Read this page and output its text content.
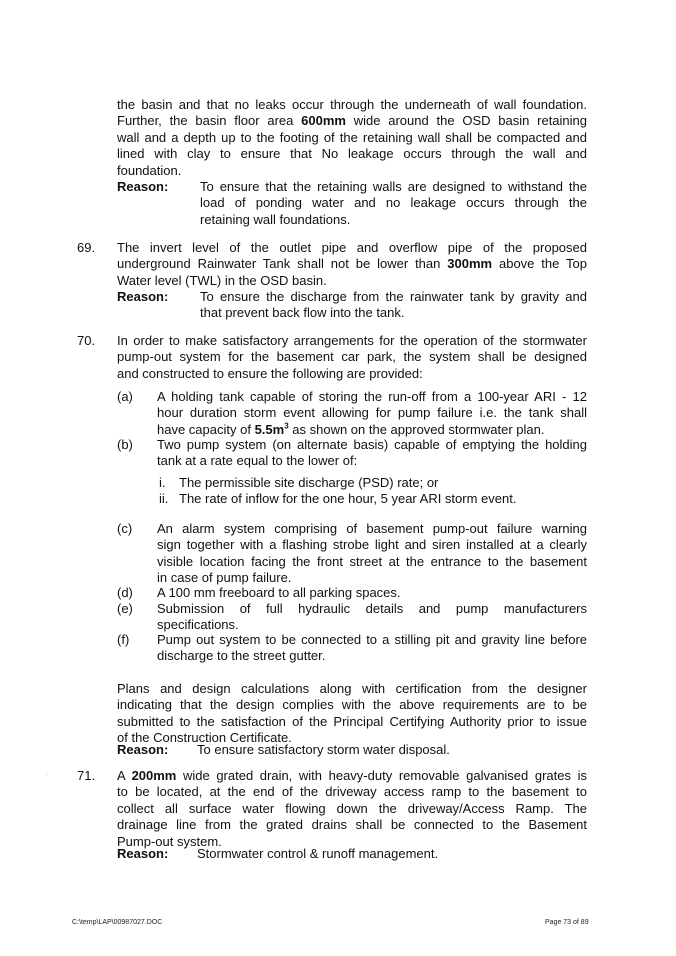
the basin and that no leaks occur through the underneath of wall foundation.
Further, the basin floor area 600mm wide around the OSD basin retaining
wall and a depth up to the footing of the retaining wall shall be compacted and
lined with clay to ensure that No leakage occurs through the wall and
foundation.
Reason: To ensure that the retaining walls are designed to withstand the
load of ponding water and no leakage occurs through the
retaining wall foundations.
69. The invert level of the outlet pipe and overflow pipe of the proposed
underground Rainwater Tank shall not be lower than 300mm above the Top
Water level (TWL) in the OSD basin.
Reason: To ensure the discharge from the rainwater tank by gravity and
that prevent back flow into the tank.
70. In order to make satisfactory arrangements for the operation of the stormwater
pump-out system for the basement car park, the system shall be designed
and constructed to ensure the following are provided:
(a) A holding tank capable of storing the run-off from a 100-year ARI - 12
hour duration storm event allowing for pump failure i.e. the tank shall
have capacity of $5.5m^3$ as shown on the approved stormwater plan.
(b) Two pump system (on alternate basis) capable of emptying the holding
tank at a rate equal to the lower of:
i. The permissible site discharge (PSD) rate; or
ii. The rate of inflow for the one hour, 5 year ARI storm event.
(c) An alarm system comprising of basement pump-out failure warning
sign together with a flashing strobe light and siren installed at a clearly
visible location facing the front street at the entrance to the basement
in case of pump failure.
(d) A 100 mm freeboard to all parking spaces.
(e) Submission of full hydraulic details and pump manufacturers
specifications.
(f) Pump out system to be connected to a stilling pit and gravity line before
discharge to the street gutter.
Plans and design calculations along with certification from the designer
indicating that the design complies with the above requirements are to be
submitted to the satisfaction of the Principal Certifying Authority prior to issue
of the Construction Certificate.
Reason: To ensure satisfactory storm water disposal.
. 71. A 200mm wide grated drain, with heavy-duty removable galvanised grates is
to be located, at the end of the driveway access ramp to the basement to
collect all surface water flowing down the driveway/Access Ramp. The
drainage line from the grated drains shall be connected to the Basement
Pump-out system.
Reason: Stormwater control & runoff management.
C:\temp\LAP\00987027.DOC	Page 73 of 89
